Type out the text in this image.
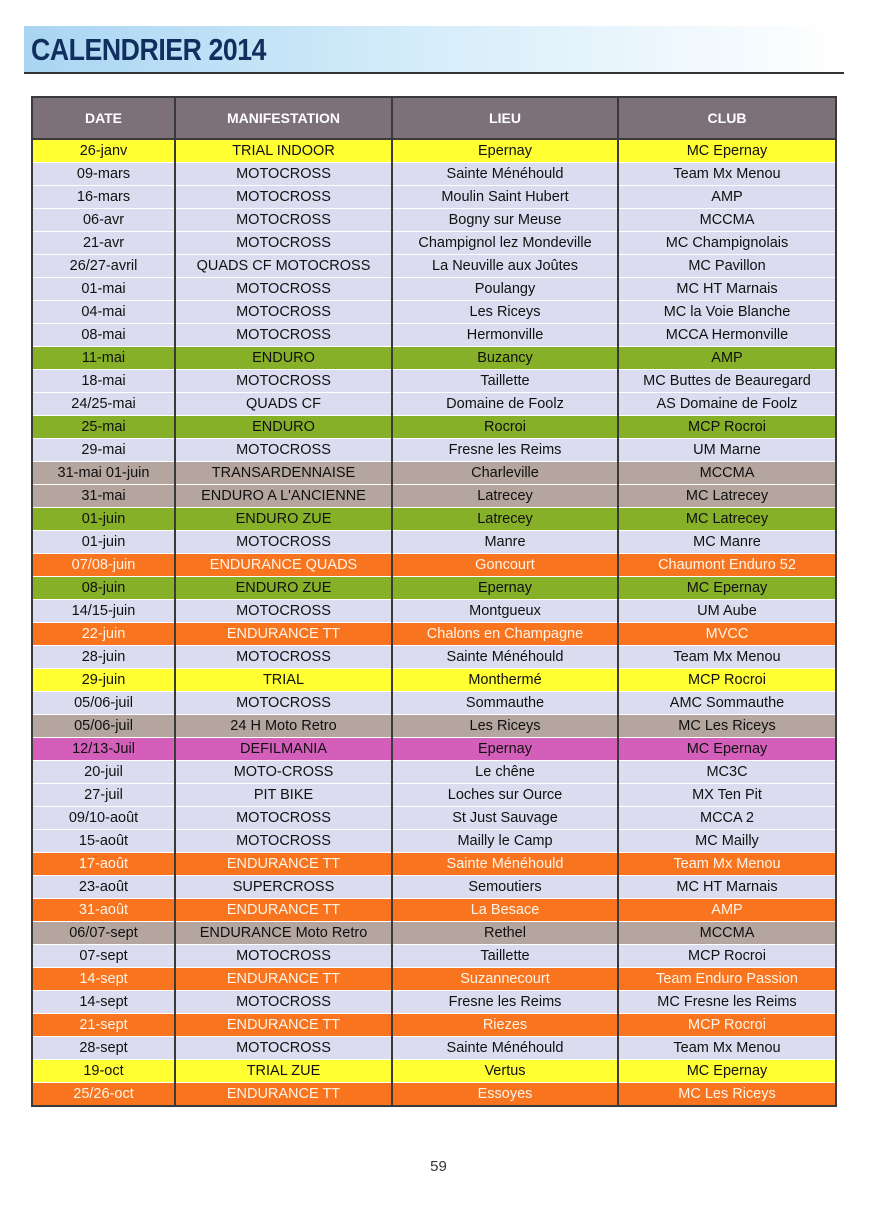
CALENDRIER 2014
DATE	MANIFESTATION	LIEU	CLUB
26-janv	TRIAL INDOOR	Epernay	MC Epernay
09-mars	MOTOCROSS	Sainte Ménéhould	Team Mx Menou
16-mars	MOTOCROSS	Moulin Saint Hubert	AMP
06-avr	MOTOCROSS	Bogny sur Meuse	MCCMA
21-avr	MOTOCROSS	Champignol lez Mondeville	MC Champignolais
26/27-avril	QUADS CF MOTOCROSS	La Neuville aux Joûtes	MC Pavillon
01-mai	MOTOCROSS	Poulangy	MC HT Marnais
04-mai	MOTOCROSS	Les Riceys	MC la Voie Blanche
08-mai	MOTOCROSS	Hermonville	MCCA Hermonville
11-mai	ENDURO	Buzancy	AMP
18-mai	MOTOCROSS	Taillette	MC Buttes de Beauregard
24/25-mai	QUADS CF	Domaine de Foolz	AS Domaine de Foolz
25-mai	ENDURO	Rocroi	MCP Rocroi
29-mai	MOTOCROSS	Fresne les Reims	UM Marne
31-mai 01-juin	TRANSARDENNAISE	Charleville	MCCMA
31-mai	ENDURO A L'ANCIENNE	Latrecey	MC Latrecey
01-juin	ENDURO ZUE	Latrecey	MC Latrecey
01-juin	MOTOCROSS	Manre	MC Manre
07/08-juin	ENDURANCE QUADS	Goncourt	Chaumont Enduro 52
08-juin	ENDURO ZUE	Epernay	MC Epernay
14/15-juin	MOTOCROSS	Montgueux	UM Aube
22-juin	ENDURANCE TT	Chalons en Champagne	MVCC
28-juin	MOTOCROSS	Sainte Ménéhould	Team Mx Menou
29-juin	TRIAL	Monthermé	MCP Rocroi
05/06-juil	MOTOCROSS	Sommauthe	AMC Sommauthe
05/06-juil	24 H Moto Retro	Les Riceys	MC Les Riceys
12/13-Juil	DEFILMANIA	Epernay	MC Epernay
20-juil	MOTO-CROSS	Le chêne	MC3C
27-juil	PIT BIKE	Loches sur Ource	MX Ten Pit
09/10-août	MOTOCROSS	St Just Sauvage	MCCA 2
15-août	MOTOCROSS	Mailly le Camp	MC Mailly
17-août	ENDURANCE TT	Sainte Ménéhould	Team Mx Menou
23-août	SUPERCROSS	Semoutiers	MC HT Marnais
31-août	ENDURANCE TT	La Besace	AMP
06/07-sept	ENDURANCE Moto Retro	Rethel	MCCMA
07-sept	MOTOCROSS	Taillette	MCP Rocroi
14-sept	ENDURANCE TT	Suzannecourt	Team Enduro Passion
14-sept	MOTOCROSS	Fresne les Reims	MC Fresne les Reims
21-sept	ENDURANCE TT	Riezes	MCP Rocroi
28-sept	MOTOCROSS	Sainte Ménéhould	Team Mx Menou
19-oct	TRIAL ZUE	Vertus	MC Epernay
25/26-oct	ENDURANCE TT	Essoyes	MC Les Riceys
59
